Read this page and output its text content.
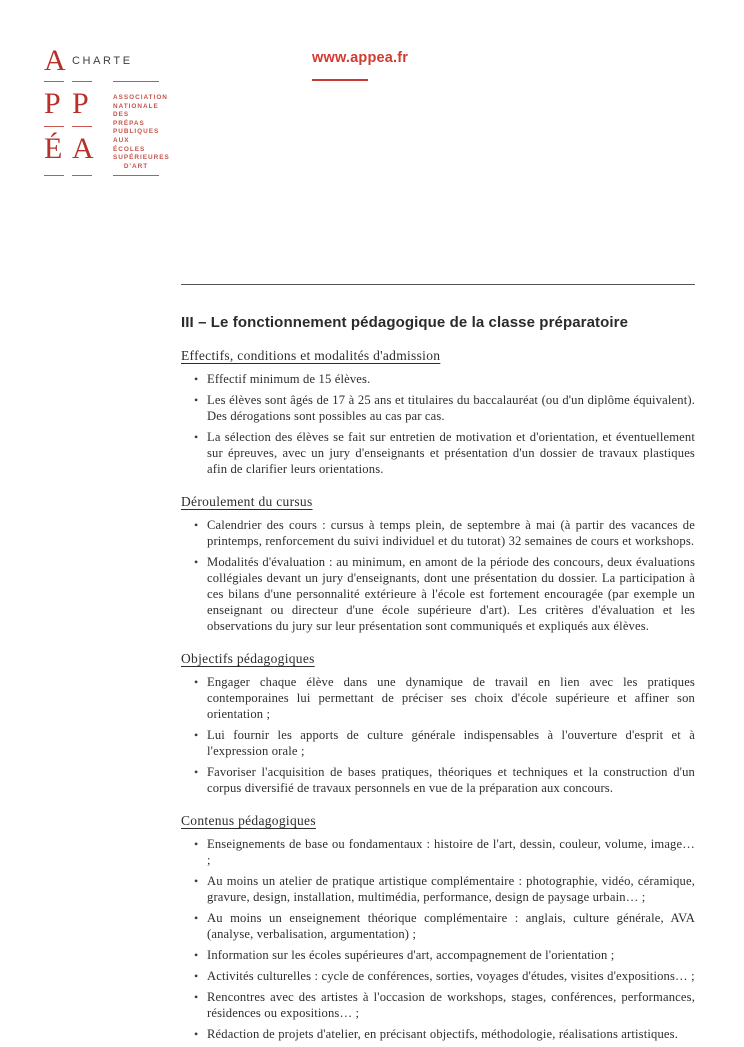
A CHARTE
P P	ASSOCIATION
NATIONALE
DES PRÉPAS
PUBLIQUES
AUX ÉCOLES
SUPÉRIEURES
D'ART
É A
www.appea.fr
III – Le fonctionnement pédagogique de la classe préparatoire
Effectifs, conditions et modalités d'admission
• Effectif minimum de 15 élèves.
• Les élèves sont âgés de 17 à 25 ans et titulaires du baccalauréat (ou d'un diplôme équivalent). Des dérogations sont possibles au cas par cas.
• La sélection des élèves se fait sur entretien de motivation et d'orientation, et éventuellement sur épreuves, avec un jury d'enseignants et présentation d'un dossier de travaux plastiques afin de clarifier leurs orientations.
Déroulement du cursus
• Calendrier des cours : cursus à temps plein, de septembre à mai (à partir des vacances de printemps, renforcement du suivi individuel et du tutorat) 32 semaines de cours et workshops.
• Modalités d'évaluation : au minimum, en amont de la période des concours, deux évaluations collégiales devant un jury d'enseignants, dont une présentation du dossier. La participation à ces bilans d'une personnalité extérieure à l'école est fortement encouragée (par exemple un enseignant ou directeur d'une école supérieure d'art). Les critères d'évaluation et les observations du jury sur leur présentation sont communiqués et expliqués aux élèves.
Objectifs pédagogiques
• Engager chaque élève dans une dynamique de travail en lien avec les pratiques contemporaines lui permettant de préciser ses choix d'école supérieure et affiner son orientation ;
• Lui fournir les apports de culture générale indispensables à l'ouverture d'esprit et à l'expression orale ;
• Favoriser l'acquisition de bases pratiques, théoriques et techniques et la construction d'un corpus diversifié de travaux personnels en vue de la préparation aux concours.
Contenus pédagogiques
• Enseignements de base ou fondamentaux : histoire de l'art, dessin, couleur, volume, image… ;
• Au moins un atelier de pratique artistique complémentaire : photographie, vidéo, céramique, gravure, design, installation, multimédia, performance, design de paysage urbain… ;
• Au moins un enseignement théorique complémentaire : anglais, culture générale, AVA (analyse, verbalisation, argumentation) ;
• Information sur les écoles supérieures d'art, accompagnement de l'orientation ;
• Activités culturelles : cycle de conférences, sorties, voyages d'études, visites d'expositions… ;
• Rencontres avec des artistes à l'occasion de workshops, stages, conférences, performances, résidences ou expositions… ;
• Rédaction de projets d'atelier, en précisant objectifs, méthodologie, réalisations artistiques.
